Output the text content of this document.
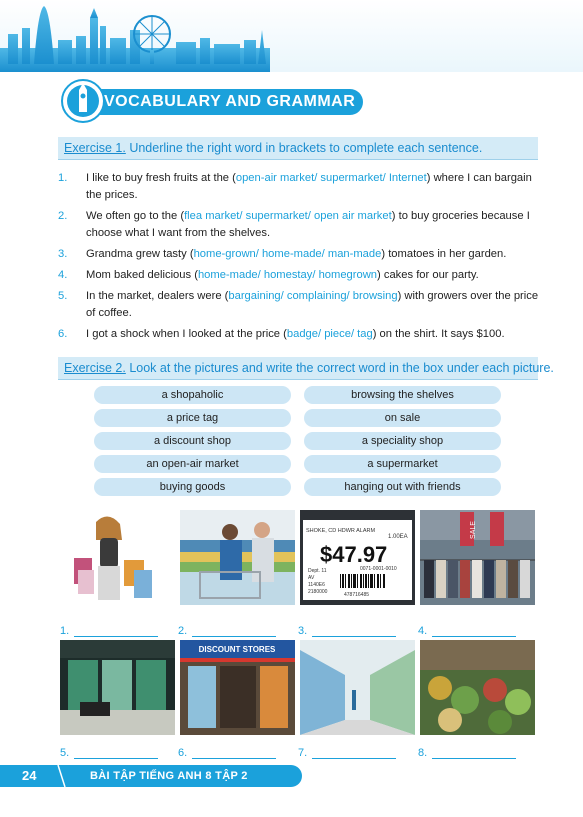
VOCABULARY AND GRAMMAR
Exercise 1. Underline the right word in brackets to complete each sentence.
1. I like to buy fresh fruits at the (open-air market/ supermarket/ Internet) where I can bargain the prices.
2. We often go to the (flea market/ supermarket/ open air market) to buy groceries because I choose what I want from the shelves.
3. Grandma grew tasty (home-grown/ home-made/ man-made) tomatoes in her garden.
4. Mom baked delicious (home-made/ homestay/ homegrown) cakes for our party.
5. In the market, dealers were (bargaining/ complaining/ browsing) with growers over the price of coffee.
6. I got a shock when I looked at the price (badge/ piece/ tag) on the shirt. It says $100.
Exercise 2. Look at the pictures and write the correct word in the box under each picture.
a shopaholic	browsing the shelves
a price tag	on sale
a discount shop	a speciality shop
an open-air market	a supermarket
buying goods	hanging out with friends
SHOKE, CD HDWR ALARM
1.00EA
$47.97
0071-0001-0010
Dept. 11
AV
1140E6
2180000	478716485
SALE
1.	2.	3.	4.
DISCOUNT STORES
5.	6.	7.	8.
24	BÀI TẬP TIẾNG ANH 8 TẬP 2
